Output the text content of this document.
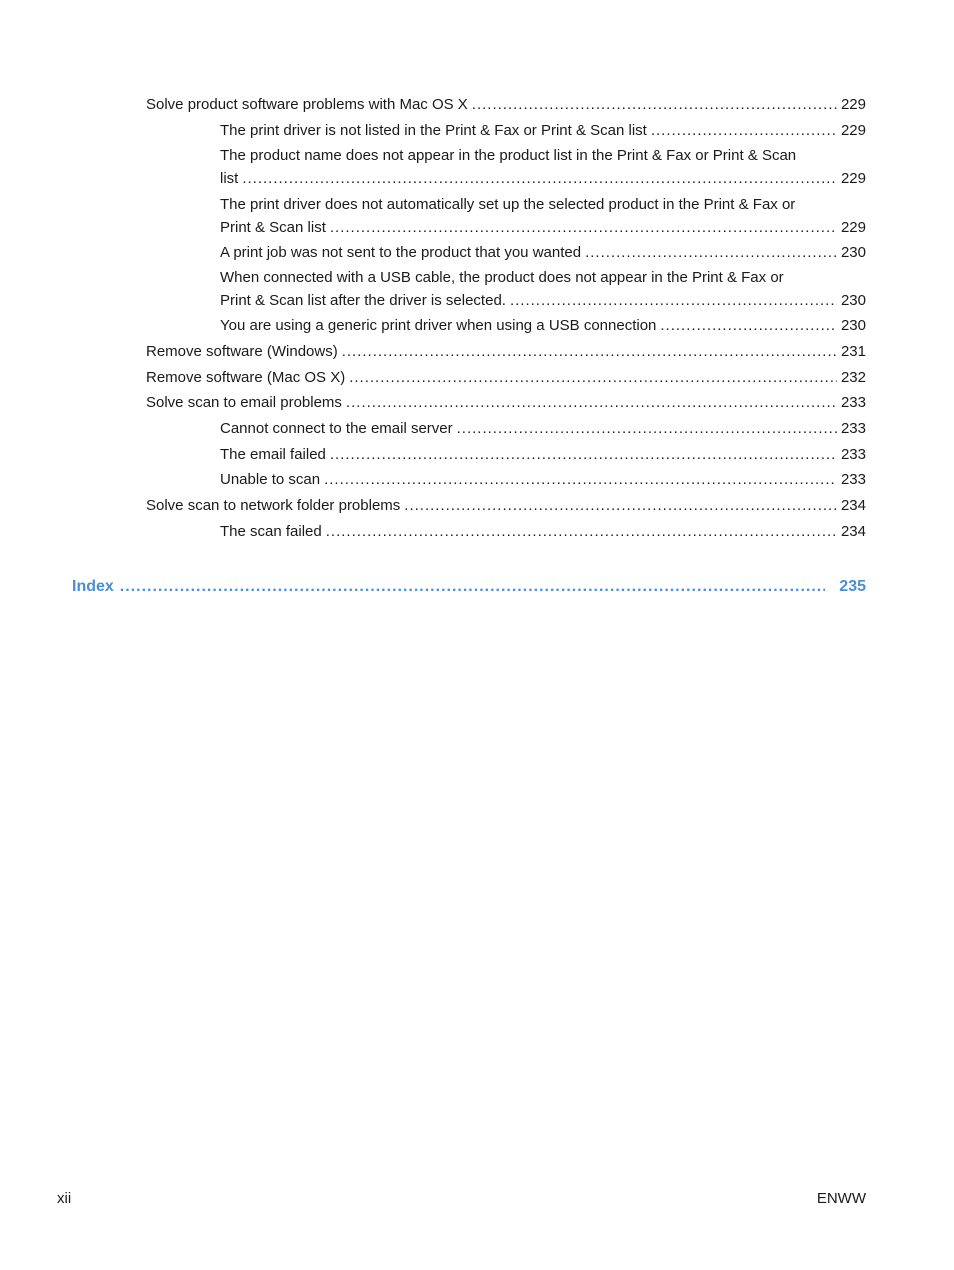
Solve product software problems with Mac OS X .....	229
The print driver is not listed in the Print & Fax or Print & Scan list .....	229
The product name does not appear in the product list in the Print & Fax or Print & Scan
list .....	229
The print driver does not automatically set up the selected product in the Print & Fax or
Print & Scan list .....	229
A print job was not sent to the product that you wanted .....	230
When connected with a USB cable, the product does not appear in the Print & Fax or
Print & Scan list after the driver is selected. .....	230
You are using a generic print driver when using a USB connection .....	230
Remove software (Windows) .....	231
Remove software (Mac OS X) .....	232
Solve scan to email problems .....	233
Cannot connect to the email server .....	233
The email failed .....	233
Unable to scan .....	233
Solve scan to network folder problems .....	234
The scan failed .....	234
Index .....	235
xii	ENWW
